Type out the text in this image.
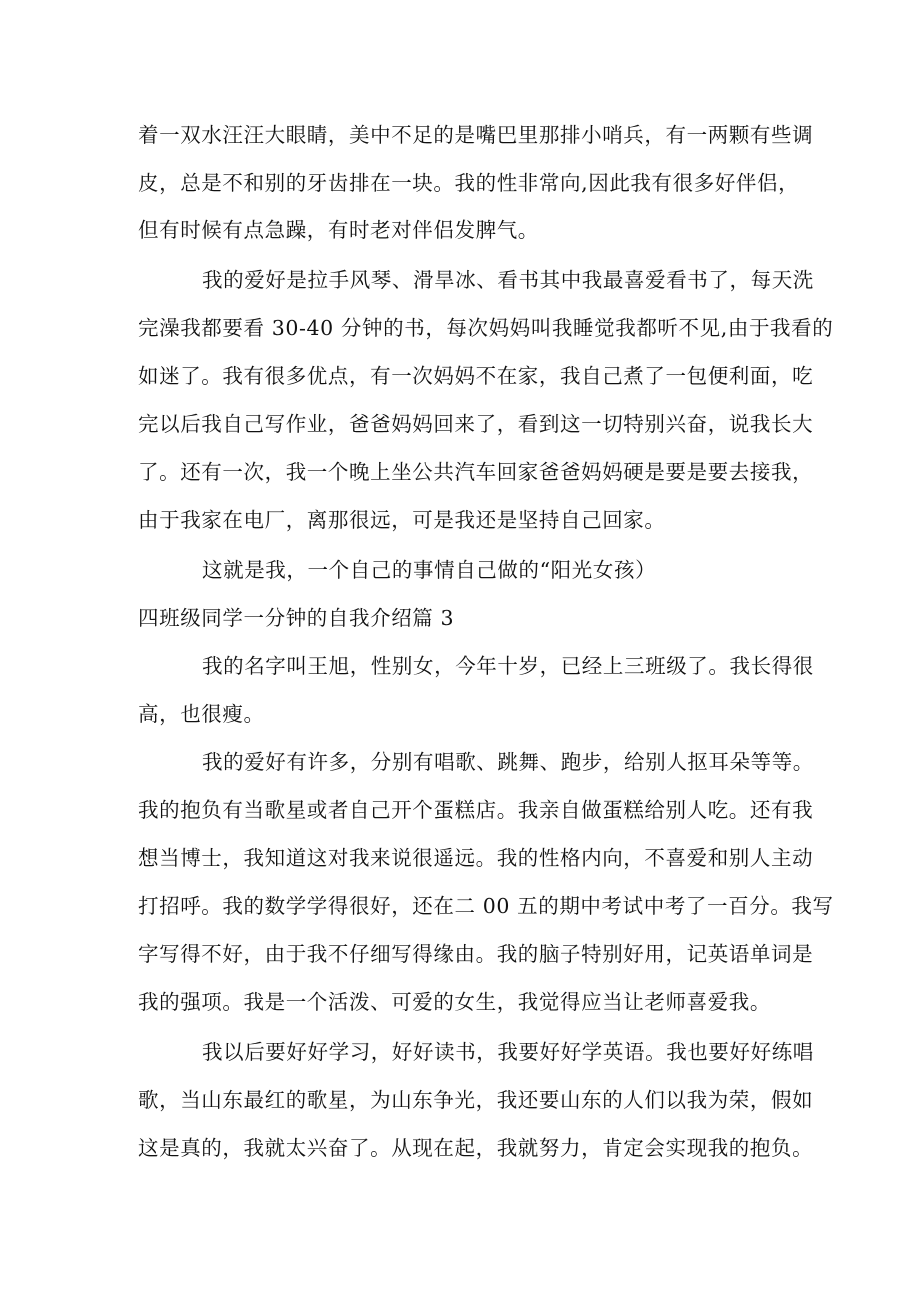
着一双水汪汪大眼睛，美中不足的是嘴巴里那排小哨兵，有一两颗有些调
皮，总是不和别的牙齿排在一块。我的性非常向,因此我有很多好伴侣，
但有时候有点急躁，有时老对伴侣发脾气。
我的爱好是拉手风琴、滑旱冰、看书其中我最喜爱看书了，每天洗
完澡我都要看 30-40 分钟的书，每次妈妈叫我睡觉我都听不见,由于我看的
如迷了。我有很多优点，有一次妈妈不在家，我自己煮了一包便利面，吃
完以后我自己写作业，爸爸妈妈回来了，看到这一切特别兴奋，说我长大
了。还有一次，我一个晚上坐公共汽车回家爸爸妈妈硬是要是要去接我，
由于我家在电厂，离那很远，可是我还是坚持自己回家。
这就是我，一个自己的事情自己做的“阳光女孩）
四班级同学一分钟的自我介绍篇 3
我的名字叫王旭，性别女，今年十岁，已经上三班级了。我长得很
高，也很瘦。
我的爱好有许多，分别有唱歌、跳舞、跑步，给别人抠耳朵等等。
我的抱负有当歌星或者自己开个蛋糕店。我亲自做蛋糕给别人吃。还有我
想当博士，我知道这对我来说很遥远。我的性格内向，不喜爱和别人主动
打招呼。我的数学学得很好，还在二 00 五的期中考试中考了一百分。我写
字写得不好，由于我不仔细写得缘由。我的脑子特别好用，记英语单词是
我的强项。我是一个活泼、可爱的女生，我觉得应当让老师喜爱我。
我以后要好好学习，好好读书，我要好好学英语。我也要好好练唱
歌，当山东最红的歌星，为山东争光，我还要山东的人们以我为荣，假如
这是真的，我就太兴奋了。从现在起，我就努力，肯定会实现我的抱负。
